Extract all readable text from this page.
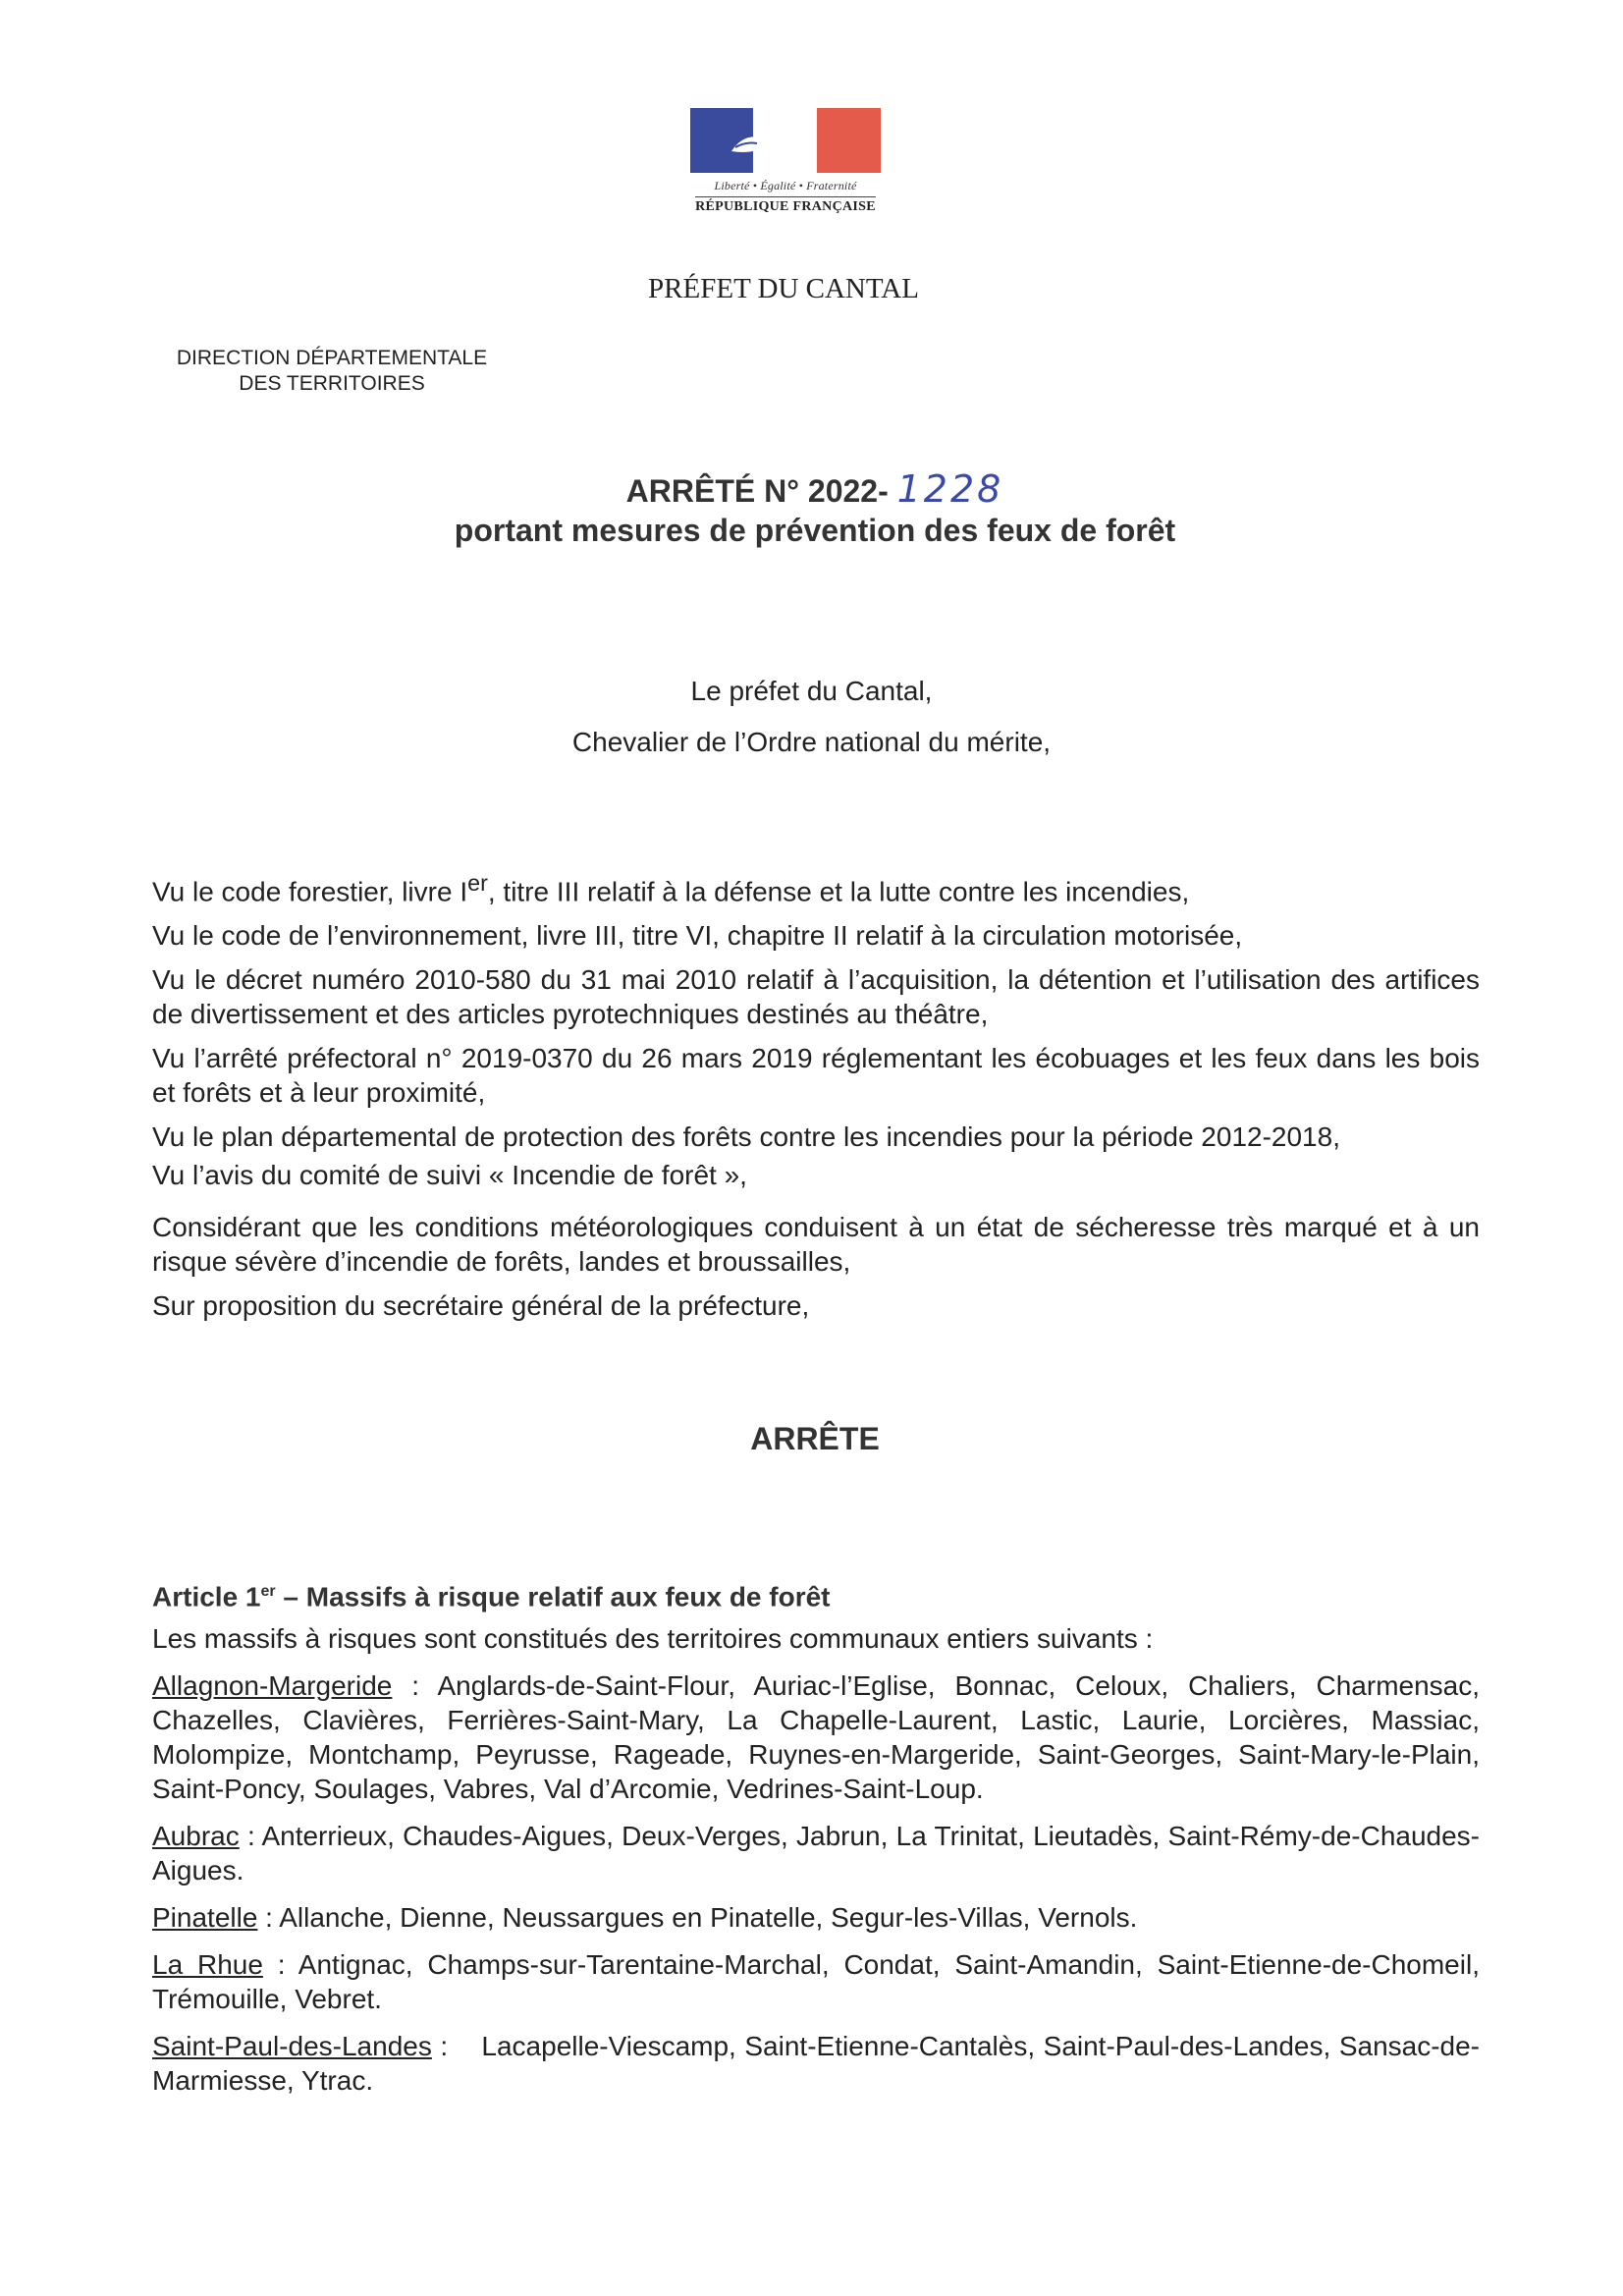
Liberté • Égalité • Fraternité
RÉPUBLIQUE FRANÇAISE
PRÉFET DU CANTAL
DIRECTION DÉPARTEMENTALE
DES TERRITOIRES
ARRÊTÉ N° 2022- 1228
portant mesures de prévention des feux de forêt
Le préfet du Cantal,
Chevalier de l’Ordre national du mérite,

Vu le code forestier, livre Ier, titre III relatif à la défense et la lutte contre les incendies,

Vu le code de l’environnement, livre III, titre VI, chapitre II relatif à la circulation motorisée,

Vu le décret numéro 2010-580 du 31 mai 2010 relatif à l’acquisition, la détention et l’utilisation des artifices de divertissement et des articles pyrotechniques destinés au théâtre,

Vu l’arrêté préfectoral n° 2019-0370 du 26 mars 2019 réglementant les écobuages et les feux dans les bois et forêts et à leur proximité,

Vu le plan départemental de protection des forêts contre les incendies pour la période 2012-2018,

Vu l’avis du comité de suivi « Incendie de forêt »,

Considérant que les conditions météorologiques conduisent à un état de sécheresse très marqué et à un risque sévère d’incendie de forêts, landes et broussailles,

Sur proposition du secrétaire général de la préfecture,

ARRÊTE

Article 1er – Massifs à risque relatif aux feux de forêt

Les massifs à risques sont constitués des territoires communaux entiers suivants :

Allagnon-Margeride : Anglards-de-Saint-Flour, Auriac-l’Eglise, Bonnac, Celoux, Chaliers, Charmensac, Chazelles, Clavières, Ferrières-Saint-Mary, La Chapelle-Laurent, Lastic, Laurie, Lorcières, Massiac, Molompize, Montchamp, Peyrusse, Rageade, Ruynes-en-Margeride, Saint-Georges, Saint-Mary-le-Plain, Saint-Poncy, Soulages, Vabres, Val d’Arcomie, Vedrines-Saint-Loup.

Aubrac : Anterrieux, Chaudes-Aigues, Deux-Verges, Jabrun, La Trinitat, Lieutadès, Saint-Rémy-de-Chaudes-Aigues.

Pinatelle : Allanche, Dienne, Neussargues en Pinatelle, Segur-les-Villas, Vernols.

La Rhue : Antignac, Champs-sur-Tarentaine-Marchal, Condat, Saint-Amandin, Saint-Etienne-de-Chomeil, Trémouille, Vebret.

Saint-Paul-des-Landes :    Lacapelle-Viescamp, Saint-Etienne-Cantalès, Saint-Paul-des-Landes, Sansac-de-Marmiesse, Ytrac.
